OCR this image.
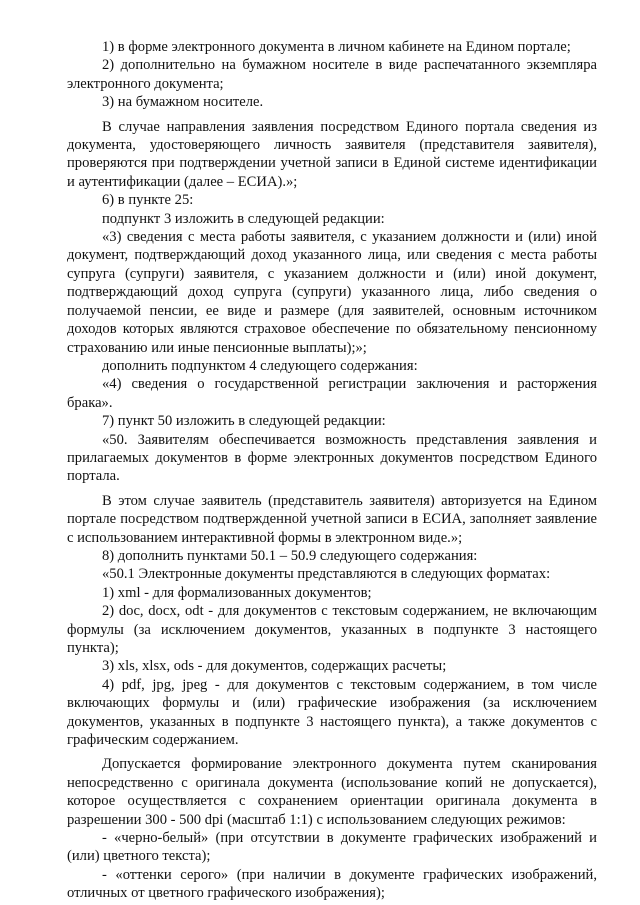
1) в форме электронного документа в личном кабинете на Едином портале;

2) дополнительно на бумажном носителе в виде распечатанного экземпляра электронного документа;

3) на бумажном носителе.

В случае направления заявления посредством Единого портала сведения из документа, удостоверяющего личность заявителя (представителя заявителя), проверяются при подтверждении учетной записи в Единой системе идентификации и аутентификации (далее – ЕСИА).»;

6) в пункте 25:

подпункт 3 изложить в следующей редакции:

«3) сведения с места работы заявителя, с указанием должности и (или) иной документ, подтверждающий доход указанного лица, или сведения с места работы супруга (супруги) заявителя, с указанием должности и (или) иной документ, подтверждающий доход супруга (супруги) указанного лица, либо сведения о получаемой пенсии, ее виде и размере (для заявителей, основным источником доходов которых являются страховое обеспечение по обязательному пенсионному страхованию или иные пенсионные выплаты);»;

дополнить подпунктом 4 следующего содержания:

«4) сведения о государственной регистрации заключения и расторжения брака».

7) пункт 50 изложить в следующей редакции:

«50. Заявителям обеспечивается возможность представления заявления и прилагаемых документов в форме электронных документов посредством Единого портала.

В этом случае заявитель (представитель заявителя) авторизуется на Едином портале посредством подтвержденной учетной записи в ЕСИА, заполняет заявление с использованием интерактивной формы в электронном виде.»;

8) дополнить пунктами 50.1 – 50.9 следующего содержания:

«50.1 Электронные документы представляются в следующих форматах:

1) xml - для формализованных документов;

2) doc, docx, odt - для документов с текстовым содержанием, не включающим формулы (за исключением документов, указанных в подпункте 3 настоящего пункта);

3) xls, xlsx, ods - для документов, содержащих расчеты;

4) pdf, jpg, jpeg - для документов с текстовым содержанием, в том числе включающих формулы и (или) графические изображения (за исключением документов, указанных в подпункте 3 настоящего пункта), а также документов с графическим содержанием.

Допускается формирование электронного документа путем сканирования непосредственно с оригинала документа (использование копий не допускается), которое осуществляется с сохранением ориентации оригинала документа в разрешении 300 - 500 dpi (масштаб 1:1) с использованием следующих режимов:

- «черно-белый» (при отсутствии в документе графических изображений и (или) цветного текста);

- «оттенки серого» (при наличии в документе графических изображений, отличных от цветного графического изображения);
